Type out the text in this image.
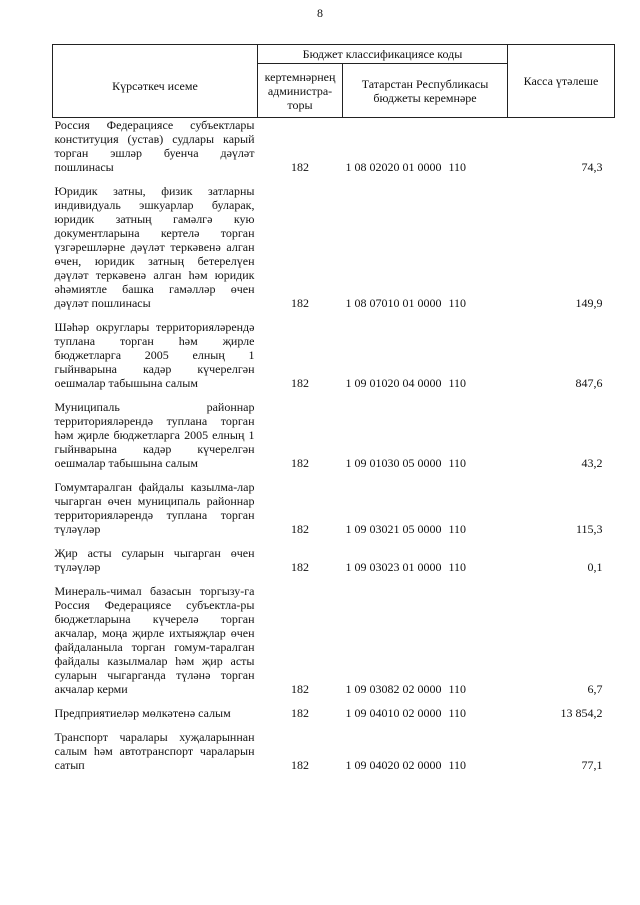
8
Күрсәткеч исеме	Бюджет классификациясе коды		Касса үтәлеше
	кертемнәрнең администра-торы	Татарстан Республикасы бюджеты керемнәре	
Россия Федерациясе субъектлары конституция (устав) судлары карый торган эшләр буенча дәүләт пошлинасы	182	1 08 02020 01 0000 110	74,3
Юридик затны, физик затларны индивидуаль эшкуарлар буларак, юридик затның гамәлгә кую документларына кертелә торган үзгәрешләрне дәүләт теркәвенә алган өчен, юридик затның бетерелүен дәүләт теркәвенә алган һәм юридик әһәмиятле башка гамәлләр өчен дәүләт пошлинасы	182	1 08 07010 01 0000 110	149,9
Шәһәр округлары территорияләрендә туплана торган һәм җирле бюджетларга 2005 елның 1 гыйнварына кадәр күчерелгән оешмалар табышына салым	182	1 09 01020 04 0000 110	847,6
Муниципаль районнар территорияләрендә туплана торган һәм җирле бюджетларга 2005 елның 1 гыйнварына кадәр күчерелгән оешмалар табышына салым	182	1 09 01030 05 0000 110	43,2
Гомумтаралган файдалы казылма-лар чыгарган өчен муниципаль районнар территорияләрендә туплана торган түләүләр	182	1 09 03021 05 0000 110	115,3
Җир асты суларын чыгарган өчен түләүләр	182	1 09 03023 01 0000 110	0,1
Минераль-чимал базасын торгызу-га Россия Федерациясе субъектла-ры бюджетларына күчерелә торган акчалар, моңа җирле ихтыяҗлар өчен файдаланыла торган гомум-таралган файдалы казылмалар һәм җир асты суларын чыгарганда түләнә торган акчалар керми	182	1 09 03082 02 0000 110	6,7
Предприятиеләр мөлкәтенә салым	182	1 09 04010 02 0000 110	13 854,2
Транспорт чаралары хуҗаларыннан салым һәм автотранспорт чараларын сатып	182	1 09 04020 02 0000 110	77,1
